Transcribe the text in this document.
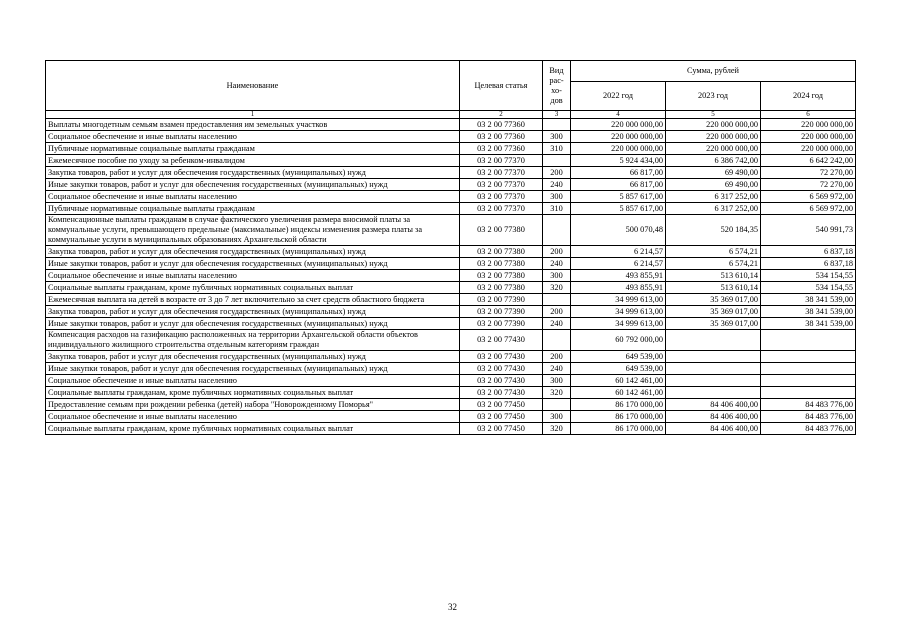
Наименование	Целевая статья	Вид рас-хо-дов	Сумма, рублей		
			2022 год	2023 год	2024 год
1	2	3	4	5	6
Выплаты многодетным семьям взамен предоставления им земельных участков	03 2 00 77360		220 000 000,00	220 000 000,00	220 000 000,00
Социальное обеспечение и иные выплаты населению	03 2 00 77360	300	220 000 000,00	220 000 000,00	220 000 000,00
Публичные нормативные социальные выплаты гражданам	03 2 00 77360	310	220 000 000,00	220 000 000,00	220 000 000,00
Ежемесячное пособие по уходу за ребенком-инвалидом	03 2 00 77370		5 924 434,00	6 386 742,00	6 642 242,00
Закупка товаров, работ и услуг для обеспечения государственных (муниципальных) нужд	03 2 00 77370	200	66 817,00	69 490,00	72 270,00
Иные закупки товаров, работ и услуг для обеспечения государственных (муниципальных) нужд	03 2 00 77370	240	66 817,00	69 490,00	72 270,00
Социальное обеспечение и иные выплаты населению	03 2 00 77370	300	5 857 617,00	6 317 252,00	6 569 972,00
Публичные нормативные социальные выплаты гражданам	03 2 00 77370	310	5 857 617,00	6 317 252,00	6 569 972,00
Компенсационные выплаты гражданам в случае фактического увеличения размера вносимой платы за коммунальные услуги, превышающего предельные (максимальные) индексы изменения размера платы за коммунальные услуги в муниципальных образованиях Архангельской области	03 2 00 77380		500 070,48	520 184,35	540 991,73
Закупка товаров, работ и услуг для обеспечения государственных (муниципальных) нужд	03 2 00 77380	200	6 214,57	6 574,21	6 837,18
Иные закупки товаров, работ и услуг для обеспечения государственных (муниципальных) нужд	03 2 00 77380	240	6 214,57	6 574,21	6 837,18
Социальное обеспечение и иные выплаты населению	03 2 00 77380	300	493 855,91	513 610,14	534 154,55
Социальные выплаты гражданам, кроме публичных нормативных социальных выплат	03 2 00 77380	320	493 855,91	513 610,14	534 154,55
Ежемесячная выплата на детей в возрасте от 3 до 7 лет включительно за счет средств областного бюджета	03 2 00 77390		34 999 613,00	35 369 017,00	38 341 539,00
Закупка товаров, работ и услуг для обеспечения государственных (муниципальных) нужд	03 2 00 77390	200	34 999 613,00	35 369 017,00	38 341 539,00
Иные закупки товаров, работ и услуг для обеспечения государственных (муниципальных) нужд	03 2 00 77390	240	34 999 613,00	35 369 017,00	38 341 539,00
Компенсация расходов на газификацию расположенных на территории Архангельской области объектов индивидуального жилищного строительства отдельным категориям граждан	03 2 00 77430		60 792 000,00		
Закупка товаров, работ и услуг для обеспечения государственных (муниципальных) нужд	03 2 00 77430	200	649 539,00		
Иные закупки товаров, работ и услуг для обеспечения государственных (муниципальных) нужд	03 2 00 77430	240	649 539,00		
Социальное обеспечение и иные выплаты населению	03 2 00 77430	300	60 142 461,00		
Социальные выплаты гражданам, кроме публичных нормативных социальных выплат	03 2 00 77430	320	60 142 461,00		
Предоставление семьям при рождении ребенка (детей) набора "Новорожденному Поморья"	03 2 00 77450		86 170 000,00	84 406 400,00	84 483 776,00
Социальное обеспечение и иные выплаты населению	03 2 00 77450	300	86 170 000,00	84 406 400,00	84 483 776,00
Социальные выплаты гражданам, кроме публичных нормативных социальных выплат	03 2 00 77450	320	86 170 000,00	84 406 400,00	84 483 776,00
32
